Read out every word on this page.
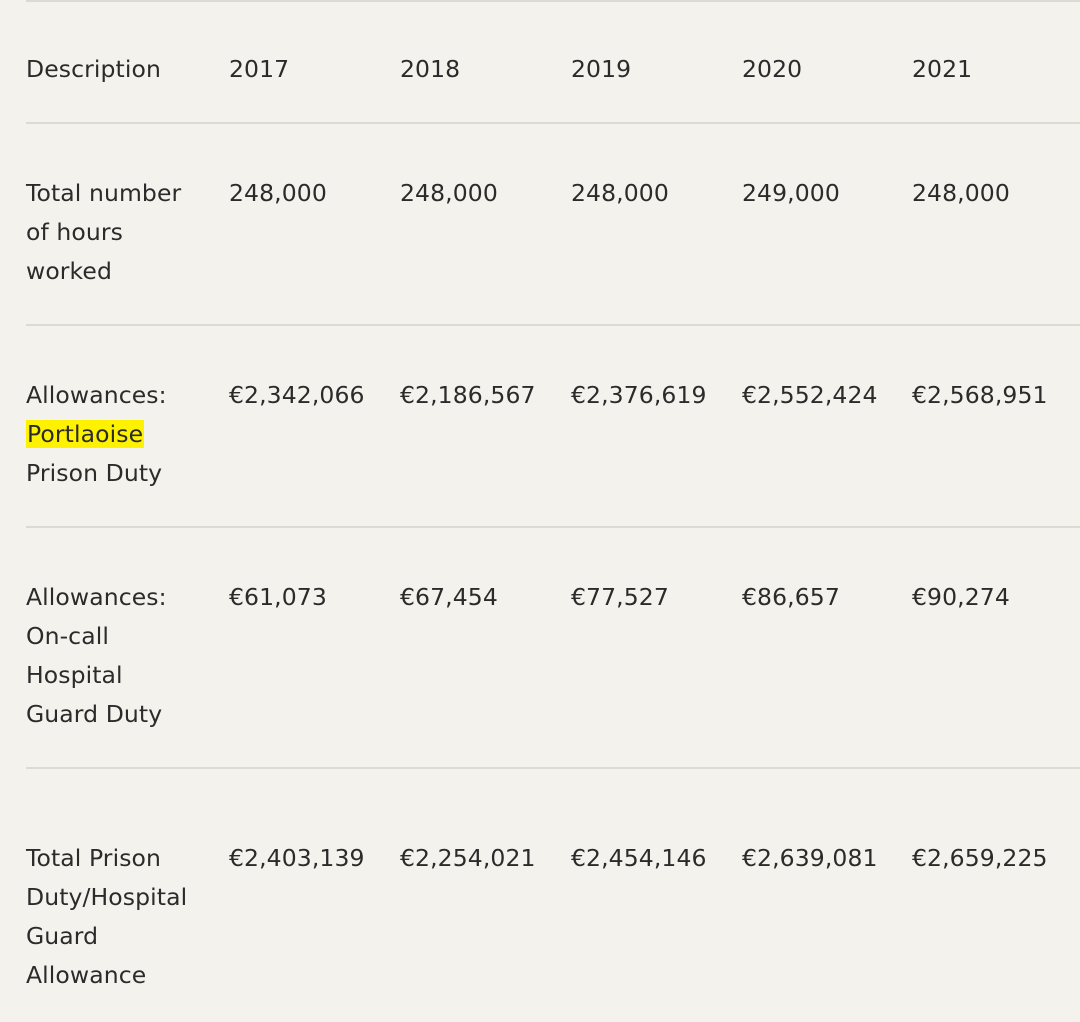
Description	2017	2018	2019	2020	2021
Total number
of hours
worked
248,000	248,000	248,000	249,000	248,000
Allowances:
Portlaoise
Prison Duty
€2,342,066 €2,186,567 €2,376,619 €2,552,424 €2,568,951
Allowances:
On-call
Hospital
Guard Duty
€61,073	€67,454	€77,527	€86,657	€90,274
Total Prison
Duty/Hospital
Guard
Allowance
€2,403,139 €2,254,021 €2,454,146 €2,639,081 €2,659,225
